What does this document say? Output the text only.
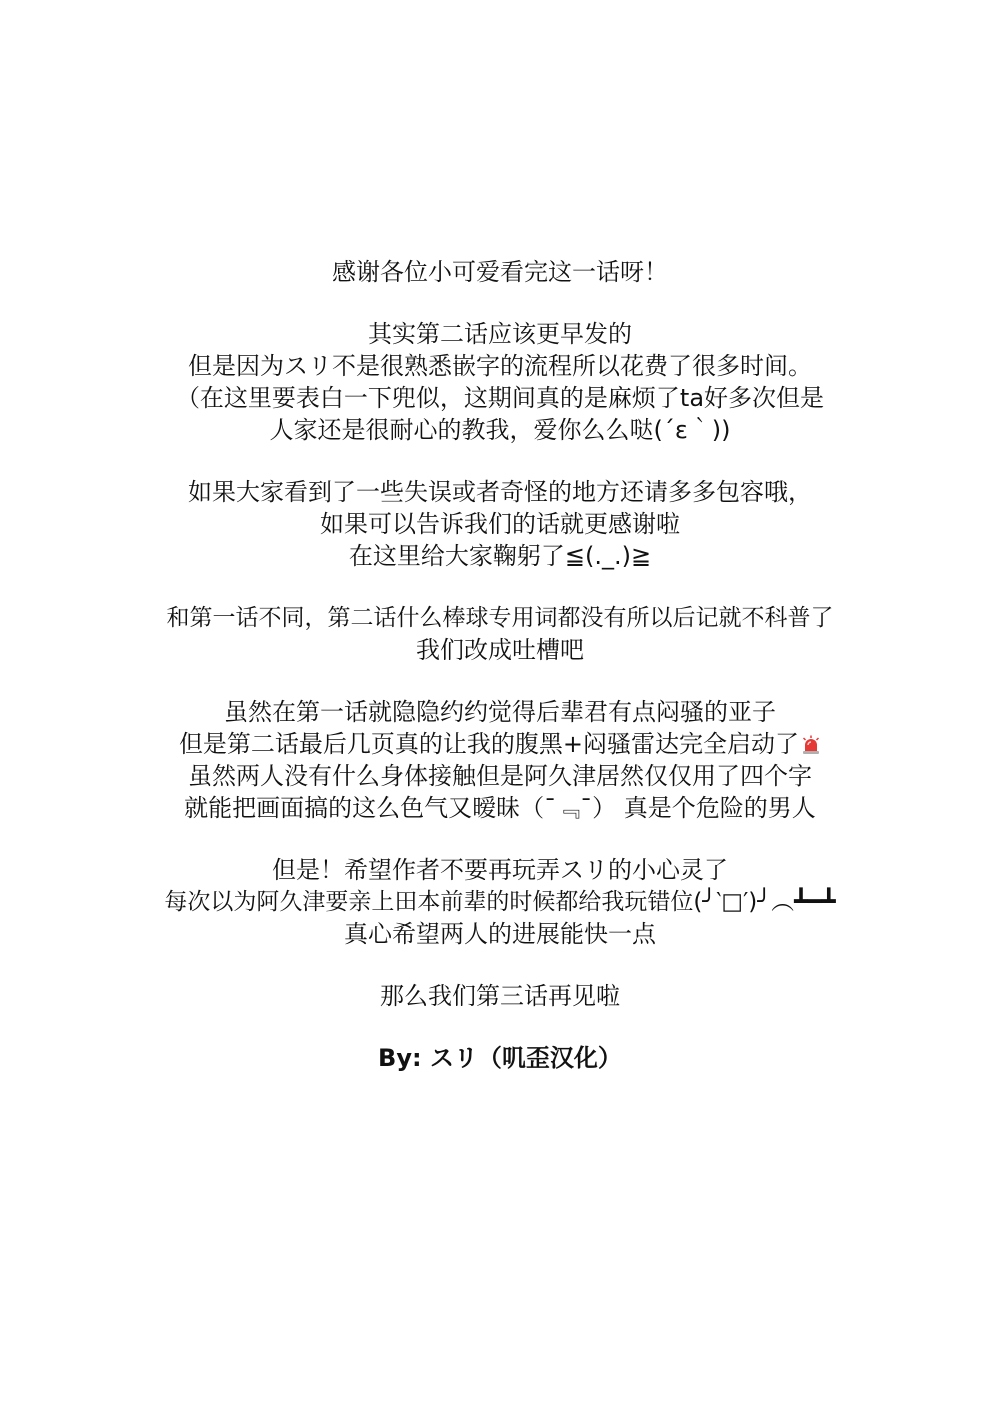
感谢各位小可爱看完这一话呀！
其实第二话应该更早发的
但是因为スリ不是很熟悉嵌字的流程所以花费了很多时间。
（在这里要表白一下兜似，这期间真的是麻烦了ta好多次但是
人家还是很耐心的教我，爱你么么哒(´ε｀))
如果大家看到了一些失误或者奇怪的地方还请多多包容哦，
如果可以告诉我们的话就更感谢啦
在这里给大家鞠躬了≦(._.)≧
和第一话不同，第二话什么棒球专用词都没有所以后记就不科普了
我们改成吐槽吧
虽然在第一话就隐隐约约觉得后辈君有点闷骚的亚子
但是第二话最后几页真的让我的腹黑+闷骚雷达完全启动了
虽然两人没有什么身体接触但是阿久津居然仅仅用了四个字
就能把画面搞的这么色气又暧昧（¯﹃¯） 真是个危险的男人
但是！希望作者不要再玩弄スリ的小心灵了
每次以为阿久津要亲上田本前辈的时候都给我玩错位(╯‵□′)╯︵┻━┻
真心希望两人的进展能快一点
那么我们第三话再见啦
By: スリ（叽歪汉化）
